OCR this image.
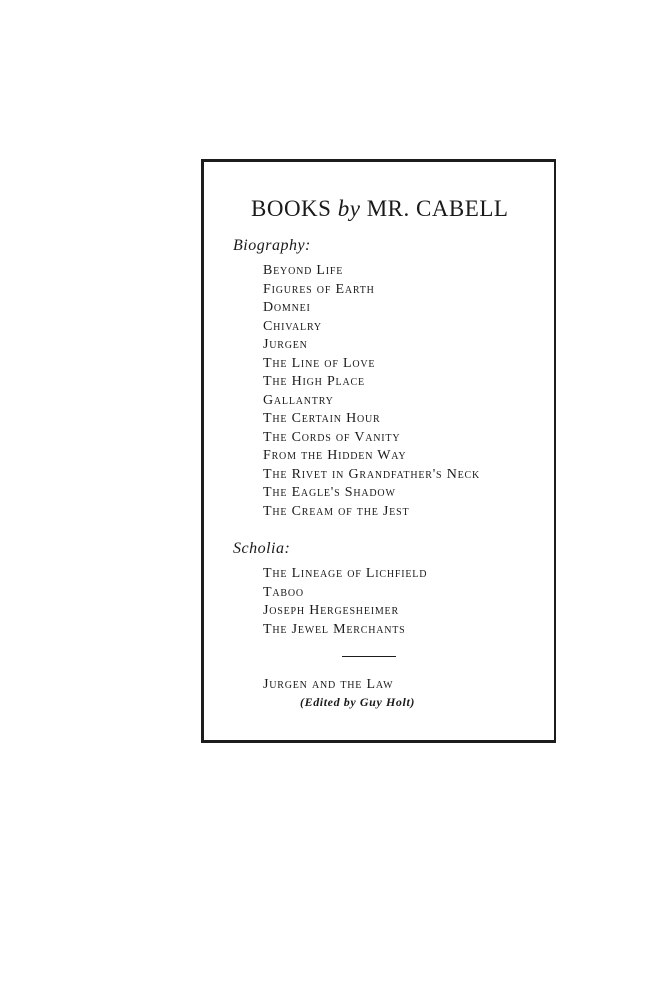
BOOKS by MR. CABELL
Biography:
Beyond Life
Figures of Earth
Domnei
Chivalry
Jurgen
The Line of Love
The High Place
Gallantry
The Certain Hour
The Cords of Vanity
From the Hidden Way
The Rivet in Grandfather's Neck
The Eagle's Shadow
The Cream of the Jest
Scholia:
The Lineage of Lichfield
Taboo
Joseph Hergesheimer
The Jewel Merchants
Jurgen and the Law
(Edited by Guy Holt)
